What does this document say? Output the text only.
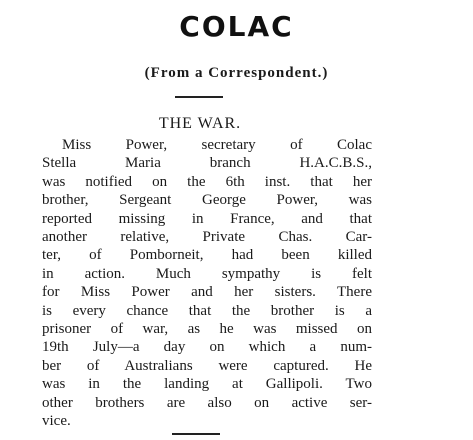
COLAC
(From a Correspondent.)
THE WAR.
Miss Power, secretary of Colac
Stella Maria branch H.A.C.B.S.,
was notified on the 6th inst. that her
brother, Sergeant George Power, was
reported missing in France, and that
another relative, Private Chas. Car-
ter, of Pomborneit, had been killed
in action. Much sympathy is felt
for Miss Power and her sisters. There
is every chance that the brother is a
prisoner of war, as he was missed on
19th July—a day on which a num-
ber of Australians were captured. He
was in the landing at Gallipoli. Two
other brothers are also on active ser-
vice.
